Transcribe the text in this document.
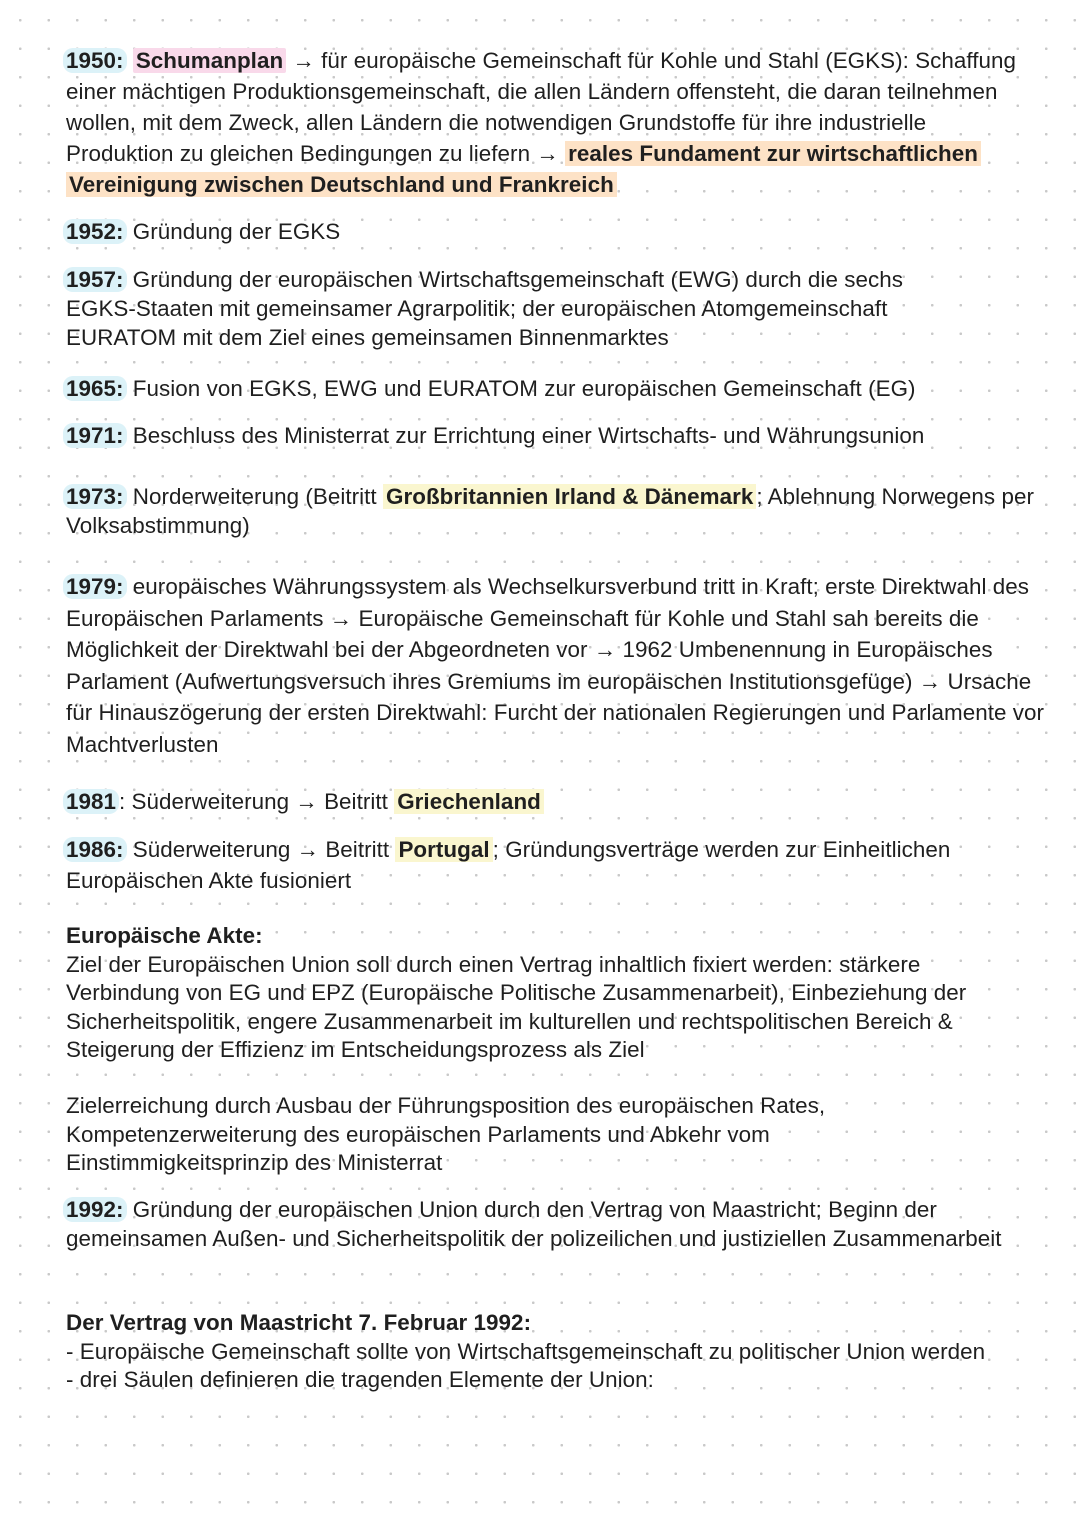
1950: Schumanplan → für europäische Gemeinschaft für Kohle und Stahl (EGKS): Schaffung einer mächtigen Produktionsgemeinschaft, die allen Ländern offensteht, die daran teilnehmen wollen, mit dem Zweck, allen Ländern die notwendigen Grundstoffe für ihre industrielle Produktion zu gleichen Bedingungen zu liefern → reales Fundament zur wirtschaftlichen Vereinigung zwischen Deutschland und Frankreich

1952: Gründung der EGKS

1957: Gründung der europäischen Wirtschaftsgemeinschaft (EWG) durch die sechs EGKS-Staaten mit gemeinsamer Agrarpolitik; der europäischen Atomgemeinschaft EURATOM mit dem Ziel eines gemeinsamen Binnenmarktes

1965: Fusion von EGKS, EWG und EURATOM zur europäischen Gemeinschaft (EG)

1971: Beschluss des Ministerrat zur Errichtung einer Wirtschafts- und Währungsunion

1973: Norderweiterung (Beitritt Großbritannien Irland & Dänemark ; Ablehnung Norwegens per Volksabstimmung)

1979: europäisches Währungssystem als Wechselkursverbund tritt in Kraft; erste Direktwahl des Europäischen Parlaments → Europäische Gemeinschaft für Kohle und Stahl sah bereits die Möglichkeit der Direktwahl bei der Abgeordneten vor → 1962 Umbenennung in Europäisches Parlament (Aufwertungsversuch ihres Gremiums im europäischen Institutionsgefüge) → Ursache für Hinauszögerung der ersten Direktwahl: Furcht der nationalen Regierungen und Parlamente vor Machtverlusten

1981 : Süderweiterung → Beitritt Griechenland

1986: Süderweiterung → Beitritt Portugal ; Gründungsverträge werden zur Einheitlichen Europäischen Akte fusioniert

Europäische Akte:

Ziel der Europäischen Union soll durch einen Vertrag inhaltlich fixiert werden: stärkere Verbindung von EG und EPZ (Europäische Politische Zusammenarbeit), Einbeziehung der Sicherheitspolitik, engere Zusammenarbeit im kulturellen und rechtspolitischen Bereich & Steigerung der Effizienz im Entscheidungsprozess als Ziel

Zielerreichung durch Ausbau der Führungsposition des europäischen Rates, Kompetenzerweiterung des europäischen Parlaments und Abkehr vom Einstimmigkeitsprinzip des Ministerrat

1992: Gründung der europäischen Union durch den Vertrag von Maastricht; Beginn der gemeinsamen Außen- und Sicherheitspolitik der polizeilichen und justiziellen Zusammenarbeit

Der Vertrag von Maastricht 7. Februar 1992:

- Europäische Gemeinschaft sollte von Wirtschaftsgemeinschaft zu politischer Union werden

- drei Säulen definieren die tragenden Elemente der Union:
